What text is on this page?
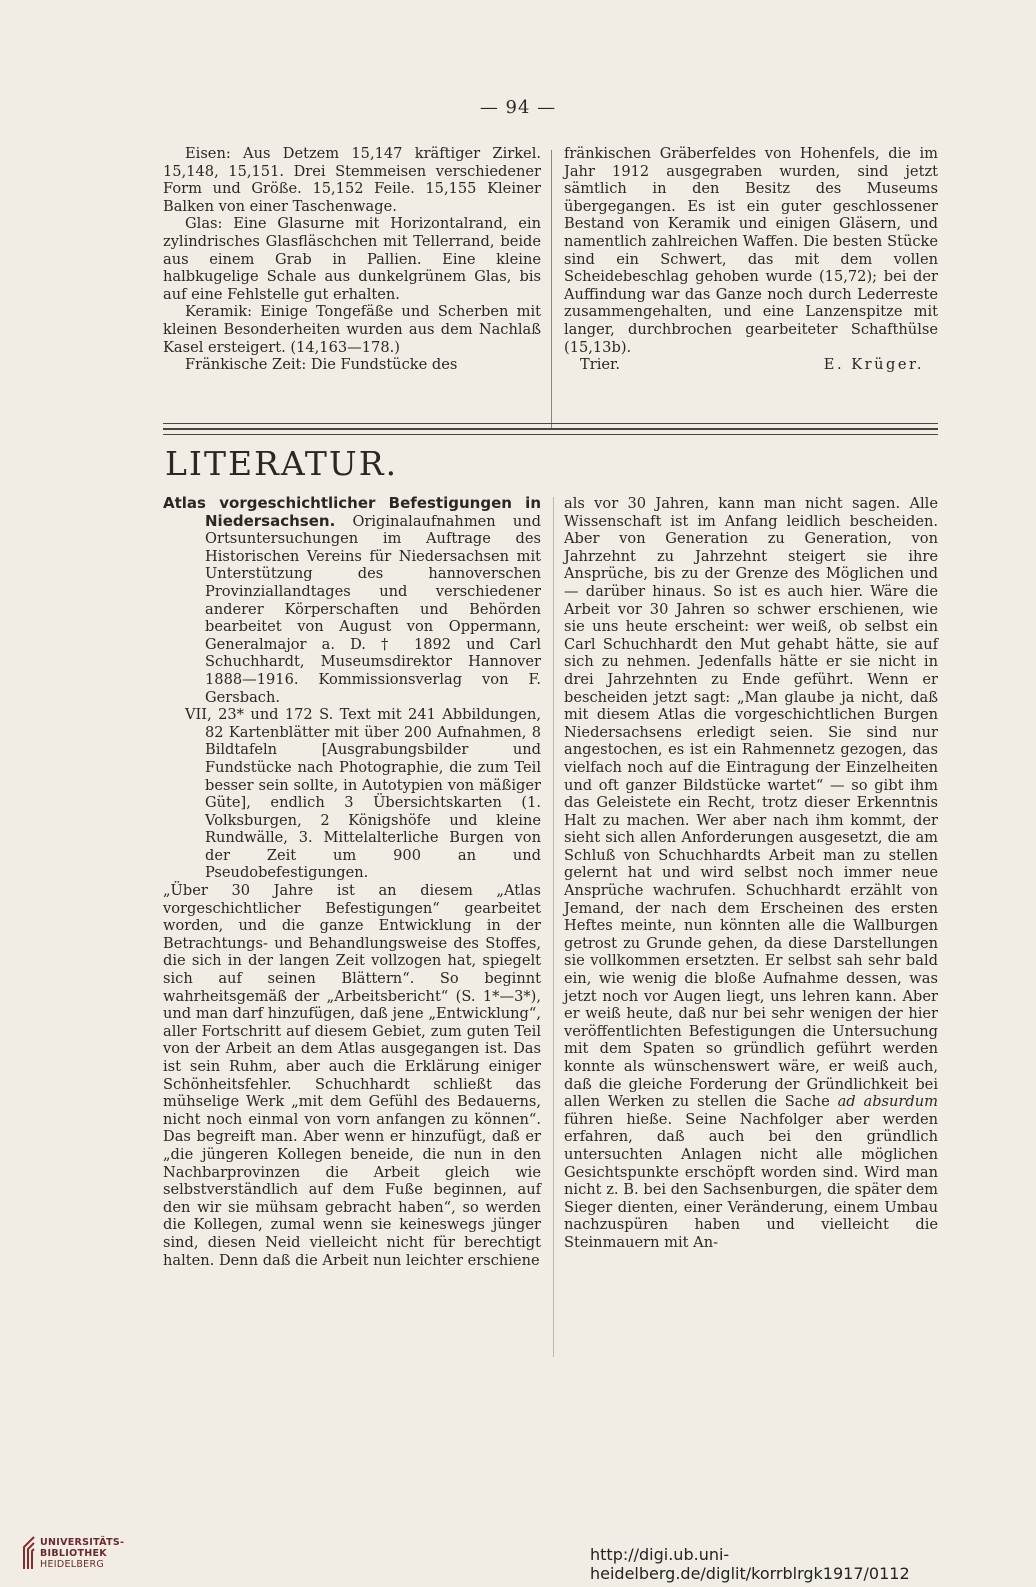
— 94 —

Eisen: Aus Detzem 15,147 kräftiger Zirkel. 15,148, 15,151. Drei Stemmeisen verschiedener Form und Größe. 15,152 Feile. 15,155 Kleiner Balken von einer Taschenwage.

Glas: Eine Glasurne mit Horizontalrand, ein zylindrisches Glasfläschchen mit Tellerrand, beide aus einem Grab in Pallien. Eine kleine halbkugelige Schale aus dunkelgrünem Glas, bis auf eine Fehlstelle gut erhalten.

Keramik: Einige Tongefäße und Scherben mit kleinen Besonderheiten wurden aus dem Nachlaß Kasel ersteigert. (14,163—178.)

Fränkische Zeit: Die Fundstücke des

fränkischen Gräberfeldes von Hohenfels, die im Jahr 1912 ausgegraben wurden, sind jetzt sämtlich in den Besitz des Museums übergegangen. Es ist ein guter geschlossener Bestand von Keramik und einigen Gläsern, und namentlich zahlreichen Waffen. Die besten Stücke sind ein Schwert, das mit dem vollen Scheidebeschlag gehoben wurde (15,72); bei der Auffindung war das Ganze noch durch Lederreste zusammengehalten, und eine Lanzenspitze mit langer, durchbrochen gearbeiteter Schafthülse (15,13b).

Trier.	E. Krüger.
LITERATUR.

Atlas vorgeschichtlicher Befestigungen in Niedersachsen. Originalaufnahmen und Ortsuntersuchungen im Auftrage des Historischen Vereins für Niedersachsen mit Unterstützung des hannoverschen Provinziallandtages und verschiedener anderer Körperschaften und Behörden bearbeitet von August von Oppermann, Generalmajor a. D. † 1892 und Carl Schuchhardt, Museumsdirektor Hannover 1888—1916. Kommissionsverlag von F. Gersbach.

VII, 23* und 172 S. Text mit 241 Abbildungen, 82 Kartenblätter mit über 200 Aufnahmen, 8 Bildtafeln [Ausgrabungsbilder und Fundstücke nach Photographie, die zum Teil besser sein sollte, in Autotypien von mäßiger Güte], endlich 3 Übersichtskarten (1. Volksburgen, 2 Königshöfe und kleine Rundwälle, 3. Mittelalterliche Burgen von der Zeit um 900 an und Pseudobefestigungen.

„Über 30 Jahre ist an diesem „Atlas vorgeschichtlicher Befestigungen“ gearbeitet worden, und die ganze Entwicklung in der Betrachtungs- und Behandlungsweise des Stoffes, die sich in der langen Zeit vollzogen hat, spiegelt sich auf seinen Blättern“. So beginnt wahrheitsgemäß der „Arbeitsbericht“ (S. 1*—3*), und man darf hinzufügen, daß jene „Entwicklung“, aller Fortschritt auf diesem Gebiet, zum guten Teil von der Arbeit an dem Atlas ausgegangen ist. Das ist sein Ruhm, aber auch die Erklärung einiger Schönheitsfehler. Schuchhardt schließt das mühselige Werk „mit dem Gefühl des Bedauerns, nicht noch einmal von vorn anfangen zu können“. Das begreift man. Aber wenn er hinzufügt, daß er „die jüngeren Kollegen beneide, die nun in den Nachbarprovinzen die Arbeit gleich wie selbstverständlich auf dem Fuße beginnen, auf den wir sie mühsam gebracht haben“, so werden die Kollegen, zumal wenn sie keineswegs jünger sind, diesen Neid vielleicht nicht für berechtigt halten. Denn daß die Arbeit nun leichter erschiene

als vor 30 Jahren, kann man nicht sagen. Alle Wissenschaft ist im Anfang leidlich bescheiden. Aber von Generation zu Generation, von Jahrzehnt zu Jahrzehnt steigert sie ihre Ansprüche, bis zu der Grenze des Möglichen und — darüber hinaus. So ist es auch hier. Wäre die Arbeit vor 30 Jahren so schwer erschienen, wie sie uns heute erscheint: wer weiß, ob selbst ein Carl Schuchhardt den Mut gehabt hätte, sie auf sich zu nehmen. Jedenfalls hätte er sie nicht in drei Jahrzehnten zu Ende geführt. Wenn er bescheiden jetzt sagt: „Man glaube ja nicht, daß mit diesem Atlas die vorgeschichtlichen Burgen Niedersachsens erledigt seien. Sie sind nur angestochen, es ist ein Rahmennetz gezogen, das vielfach noch auf die Eintragung der Einzelheiten und oft ganzer Bildstücke wartet“ — so gibt ihm das Geleistete ein Recht, trotz dieser Erkenntnis Halt zu machen. Wer aber nach ihm kommt, der sieht sich allen Anforderungen ausgesetzt, die am Schluß von Schuchhardts Arbeit man zu stellen gelernt hat und wird selbst noch immer neue Ansprüche wachrufen. Schuchhardt erzählt von Jemand, der nach dem Erscheinen des ersten Heftes meinte, nun könnten alle die Wallburgen getrost zu Grunde gehen, da diese Darstellungen sie vollkommen ersetzten. Er selbst sah sehr bald ein, wie wenig die bloße Aufnahme dessen, was jetzt noch vor Augen liegt, uns lehren kann. Aber er weiß heute, daß nur bei sehr wenigen der hier veröffentlichten Befestigungen die Untersuchung mit dem Spaten so gründlich geführt werden konnte als wünschenswert wäre, er weiß auch, daß die gleiche Forderung der Gründlichkeit bei allen Werken zu stellen die Sache ad absurdum führen hieße. Seine Nachfolger aber werden erfahren, daß auch bei den gründlich untersuchten Anlagen nicht alle möglichen Gesichtspunkte erschöpft worden sind. Wird man nicht z. B. bei den Sachsenburgen, die später dem Sieger dienten, einer Veränderung, einem Umbau nachzuspüren haben und vielleicht die Steinmauern mit An-

UNIVERSITÄTS-
BIBLIOTHEK
HEIDELBERG
http://digi.ub.uni-heidelberg.de/diglit/korrblrgk1917/0112
